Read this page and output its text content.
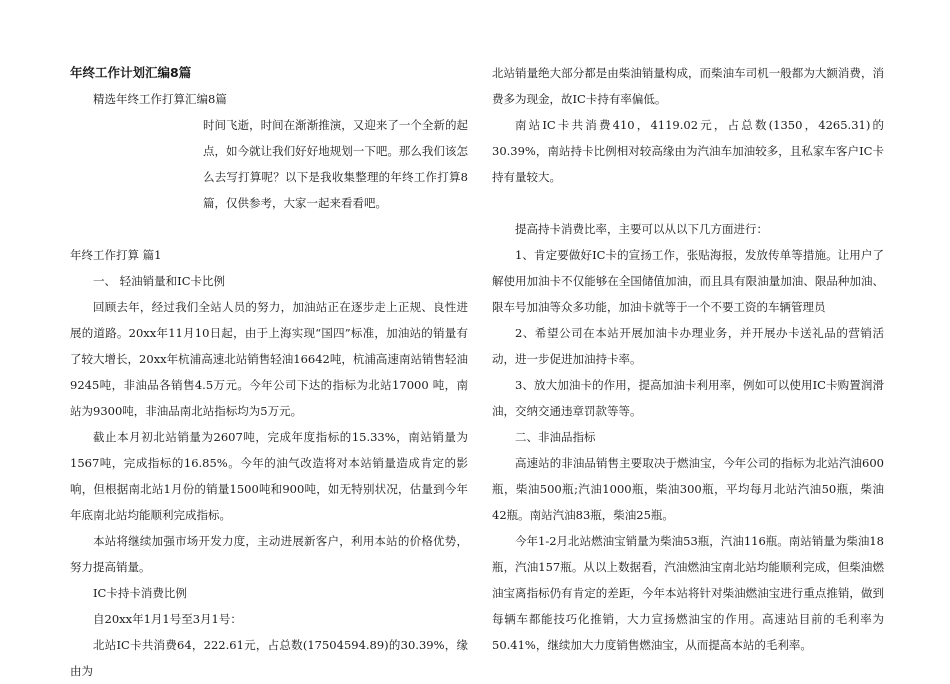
年终工作计划汇编8篇

精选年终工作打算汇编8篇

时间飞逝，时间在渐渐推演，又迎来了一个全新的起点，如今就让我们好好地规划一下吧。那么我们该怎么去写打算呢？以下是我收集整理的年终工作打算8篇，仅供参考，大家一起来看看吧。

年终工作打算 篇1

一、 轻油销量和IC卡比例

回顾去年，经过我们全站人员的努力，加油站正在逐步走上正规、良性进展的道路。20xx年11月10日起，由于上海实现“国四”标准，加油站的销量有了较大增长，20xx年杭浦高速北站销售轻油16642吨，杭浦高速南站销售轻油9245吨，非油品各销售4.5万元。今年公司下达的指标为北站17000 吨，南站为9300吨，非油品南北站指标均为5万元。

截止本月初北站销量为2607吨，完成年度指标的15.33%，南站销量为1567吨，完成指标的16.85%。今年的油气改造将对本站销量造成肯定的影响，但根据南北站1月份的销量1500吨和900吨，如无特别状况，估量到今年年底南北站均能顺利完成指标。

本站将继续加强市场开发力度，主动进展新客户，利用本站的价格优势，努力提高销量。

IC卡持卡消费比例

自20xx年1月1号至3月1号：

北站IC卡共消费64，222.61元，占总数(17504594.89)的30.39%，缘由为

北站销量绝大部分都是由柴油销量构成，而柴油车司机一般都为大额消费，消费多为现金，故IC卡持有率偏低。

南站IC卡共消费410，4119.02元，占总数(1350，4265.31)的30.39%，南站持卡比例相对较高缘由为汽油车加油较多，且私家车客户IC卡持有量较大。

提高持卡消费比率，主要可以从以下几方面进行：

1、肯定要做好IC卡的宣扬工作，张贴海报，发放传单等措施。让用户了解使用加油卡不仅能够在全国储值加油，而且具有限油量加油、限品种加油、限车号加油等众多功能，加油卡就等于一个不要工资的车辆管理员

2、希望公司在本站开展加油卡办理业务，并开展办卡送礼品的营销活动，进一步促进加油持卡率。

3、放大加油卡的作用，提高加油卡利用率，例如可以使用IC卡购置润滑油，交纳交通违章罚款等等。

二、非油品指标

高速站的非油品销售主要取决于燃油宝，今年公司的指标为北站汽油600瓶，柴油500瓶;汽油1000瓶，柴油300瓶，平均每月北站汽油50瓶，柴油42瓶。南站汽油83瓶，柴油25瓶。

今年1-2月北站燃油宝销量为柴油53瓶，汽油116瓶。南站销量为柴油18瓶，汽油157瓶。从以上数据看，汽油燃油宝南北站均能顺利完成，但柴油燃油宝离指标仍有肯定的差距，今年本站将针对柴油燃油宝进行重点推销，做到每辆车都能技巧化推销，大力宣扬燃油宝的作用。高速站目前的毛利率为50.41%，继续加大力度销售燃油宝，从而提高本站的毛利率。
